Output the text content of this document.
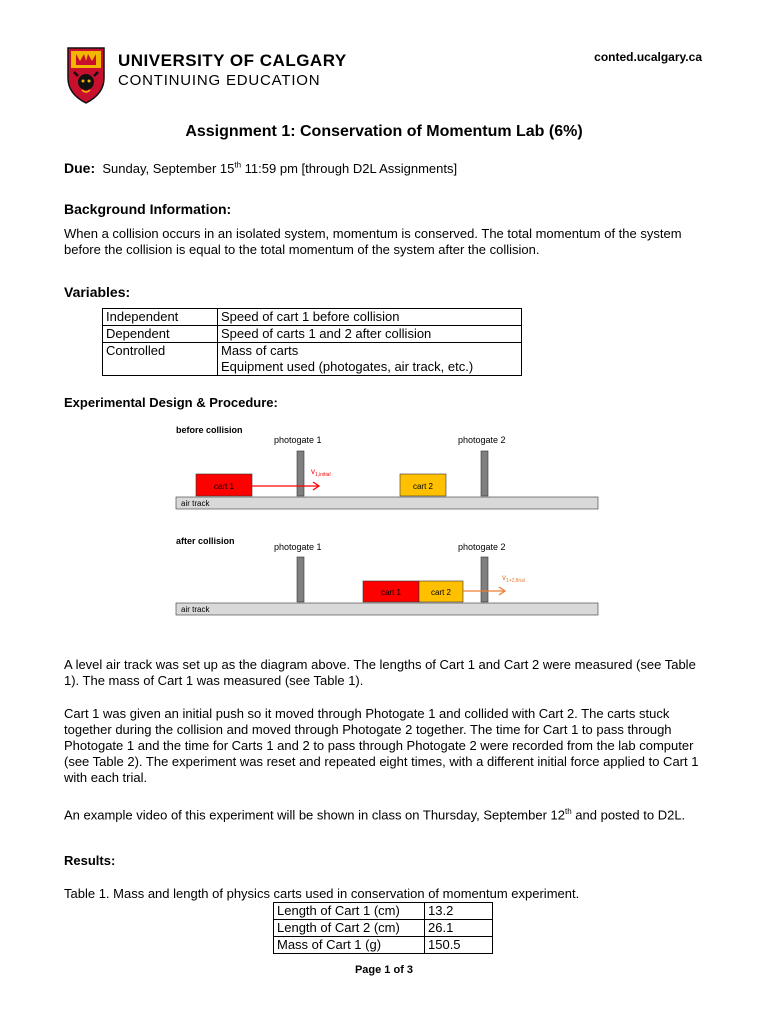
UNIVERSITY OF CALGARY
CONTINUING EDUCATION
conted.ucalgary.ca
Assignment 1: Conservation of Momentum Lab (6%)
Due: Sunday, September 15th 11:59 pm [through D2L Assignments]
Background Information:
When a collision occurs in an isolated system, momentum is conserved. The total momentum of the system before the collision is equal to the total momentum of the system after the collision.
Variables:
Independent	Speed of cart 1 before collision
Dependent	Speed of carts 1 and 2 after collision
Controlled	Mass of carts
Equipment used (photogates, air track, etc.)
Experimental Design & Procedure:
before collision
photogate 1	photogate 2
cart 1	cart 2
$v_{1,initial}$
air track
after collision
photogate 1	photogate 2
cart 1	cart 2
$v_{1+2,final}$
air track
A level air track was set up as the diagram above. The lengths of Cart 1 and Cart 2 were measured (see Table 1). The mass of Cart 1 was measured (see Table 1).
Cart 1 was given an initial push so it moved through Photogate 1 and collided with Cart 2. The carts stuck together during the collision and moved through Photogate 2 together. The time for Cart 1 to pass through Photogate 1 and the time for Carts 1 and 2 to pass through Photogate 2 were recorded from the lab computer (see Table 2). The experiment was reset and repeated eight times, with a different initial force applied to Cart 1 with each trial.
An example video of this experiment will be shown in class on Thursday, September 12th and posted to D2L.
Results:
Table 1. Mass and length of physics carts used in conservation of momentum experiment.
Length of Cart 1 (cm)	13.2
Length of Cart 2 (cm)	26.1
Mass of Cart 1 (g)	150.5
Page 1 of 3
